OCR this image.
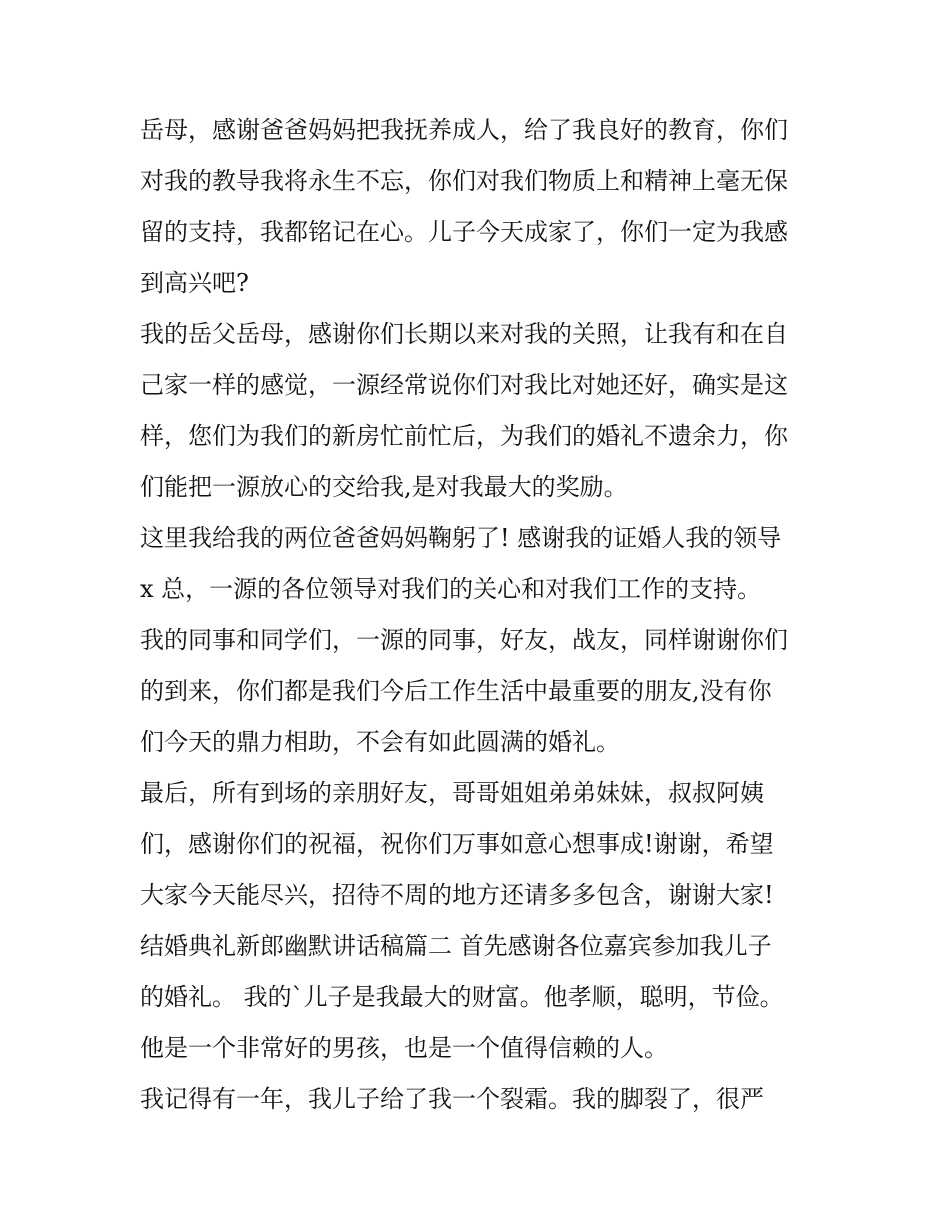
岳母，感谢爸爸妈妈把我抚养成人，给了我良好的教育，你们
对我的教导我将永生不忘，你们对我们物质上和精神上毫无保
留的支持，我都铭记在心。儿子今天成家了，你们一定为我感
到高兴吧?
我的岳父岳母，感谢你们长期以来对我的关照，让我有和在自
己家一样的感觉，一源经常说你们对我比对她还好，确实是这
样，您们为我们的新房忙前忙后，为我们的婚礼不遗余力，你
们能把一源放心的交给我,是对我最大的奖励。
这里我给我的两位爸爸妈妈鞠躬了! 感谢我的证婚人我的领导
x 总，一源的各位领导对我们的关心和对我们工作的支持。
我的同事和同学们，一源的同事，好友，战友，同样谢谢你们
的到来，你们都是我们今后工作生活中最重要的朋友,没有你
们今天的鼎力相助，不会有如此圆满的婚礼。
最后，所有到场的亲朋好友，哥哥姐姐弟弟妹妹，叔叔阿姨
们，感谢你们的祝福，祝你们万事如意心想事成!谢谢，希望
大家今天能尽兴，招待不周的地方还请多多包含，谢谢大家!
结婚典礼新郎幽默讲话稿篇二 首先感谢各位嘉宾参加我儿子
的婚礼。 我的`儿子是我最大的财富。他孝顺，聪明，节俭。
他是一个非常好的男孩，也是一个值得信赖的人。
我记得有一年，我儿子给了我一个裂霜。我的脚裂了，很严
